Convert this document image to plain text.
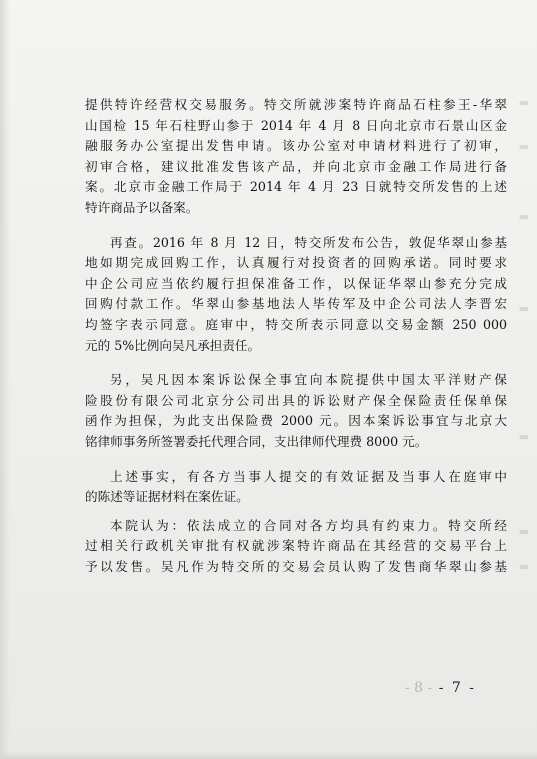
▬
▬
▬
▬
▬
▬
▬
提供特许经营权交易服务。特交所就涉案特许商品石柱参王-华翠
山国检 15 年石柱野山参于 2014 年 4 月 8 日向北京市石景山区金
融服务办公室提出发售申请。该办公室对申请材料进行了初审，
初审合格，建议批准发售该产品，并向北京市金融工作局进行备
案。北京市金融工作局于 2014 年 4 月 23 日就特交所发售的上述
特许商品予以备案。
再查。2016 年 8 月 12 日，特交所发布公告，敦促华翠山参基
地如期完成回购工作，认真履行对投资者的回购承诺。同时要求
中企公司应当依约履行担保准备工作，以保证华翠山参充分完成
回购付款工作。华翠山参基地法人毕传军及中企公司法人李晋宏
均签字表示同意。庭审中，特交所表示同意以交易金额 250 000
元的 5%比例向吴凡承担责任。
另，吴凡因本案诉讼保全事宜向本院提供中国太平洋财产保
险股份有限公司北京分公司出具的诉讼财产保全保险责任保单保
函作为担保，为此支出保险费 2000 元。因本案诉讼事宜与北京大
铭律师事务所签署委托代理合同，支出律师代理费 8000 元。
上述事实，有各方当事人提交的有效证据及当事人在庭审中
的陈述等证据材料在案佐证。
本院认为：依法成立的合同对各方均具有约束力。特交所经
过相关行政机关审批有权就涉案特许商品在其经营的交易平台上
予以发售。吴凡作为特交所的交易会员认购了发售商华翠山参基
- 8 - - 7 -
